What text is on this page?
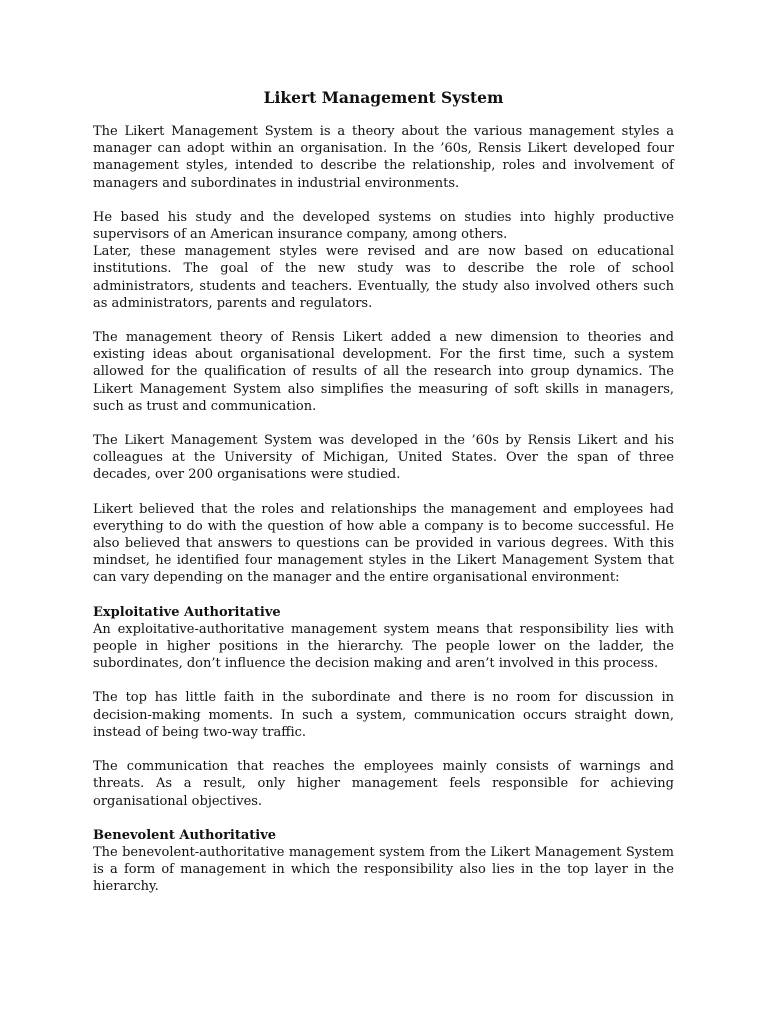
Likert Management System

The Likert Management System is a theory about the various management styles a manager can adopt within an organisation. In the ’60s, Rensis Likert developed four management styles, intended to describe the relationship, roles and involvement of managers and subordinates in industrial environments.

He based his study and the developed systems on studies into highly productive supervisors of an American insurance company, among others.

Later, these management styles were revised and are now based on educational institutions. The goal of the new study was to describe the role of school administrators, students and teachers. Eventually, the study also involved others such as administrators, parents and regulators.

The management theory of Rensis Likert added a new dimension to theories and existing ideas about organisational development. For the first time, such a system allowed for the qualification of results of all the research into group dynamics. The Likert Management System also simplifies the measuring of soft skills in managers, such as trust and communication.

The Likert Management System was developed in the ’60s by Rensis Likert and his colleagues at the University of Michigan, United States. Over the span of three decades, over 200 organisations were studied.

Likert believed that the roles and relationships the management and employees had everything to do with the question of how able a company is to become successful. He also believed that answers to questions can be provided in various degrees. With this mindset, he identified four management styles in the Likert Management System that can vary depending on the manager and the entire organisational environment:

Exploitative Authoritative

An exploitative-authoritative management system means that responsibility lies with people in higher positions in the hierarchy. The people lower on the ladder, the subordinates, don’t influence the decision making and aren’t involved in this process.

The top has little faith in the subordinate and there is no room for discussion in decision-making moments. In such a system, communication occurs straight down, instead of being two-way traffic.

The communication that reaches the employees mainly consists of warnings and threats. As a result, only higher management feels responsible for achieving organisational objectives.

Benevolent Authoritative

The benevolent-authoritative management system from the Likert Management System is a form of management in which the responsibility also lies in the top layer in the hierarchy.
